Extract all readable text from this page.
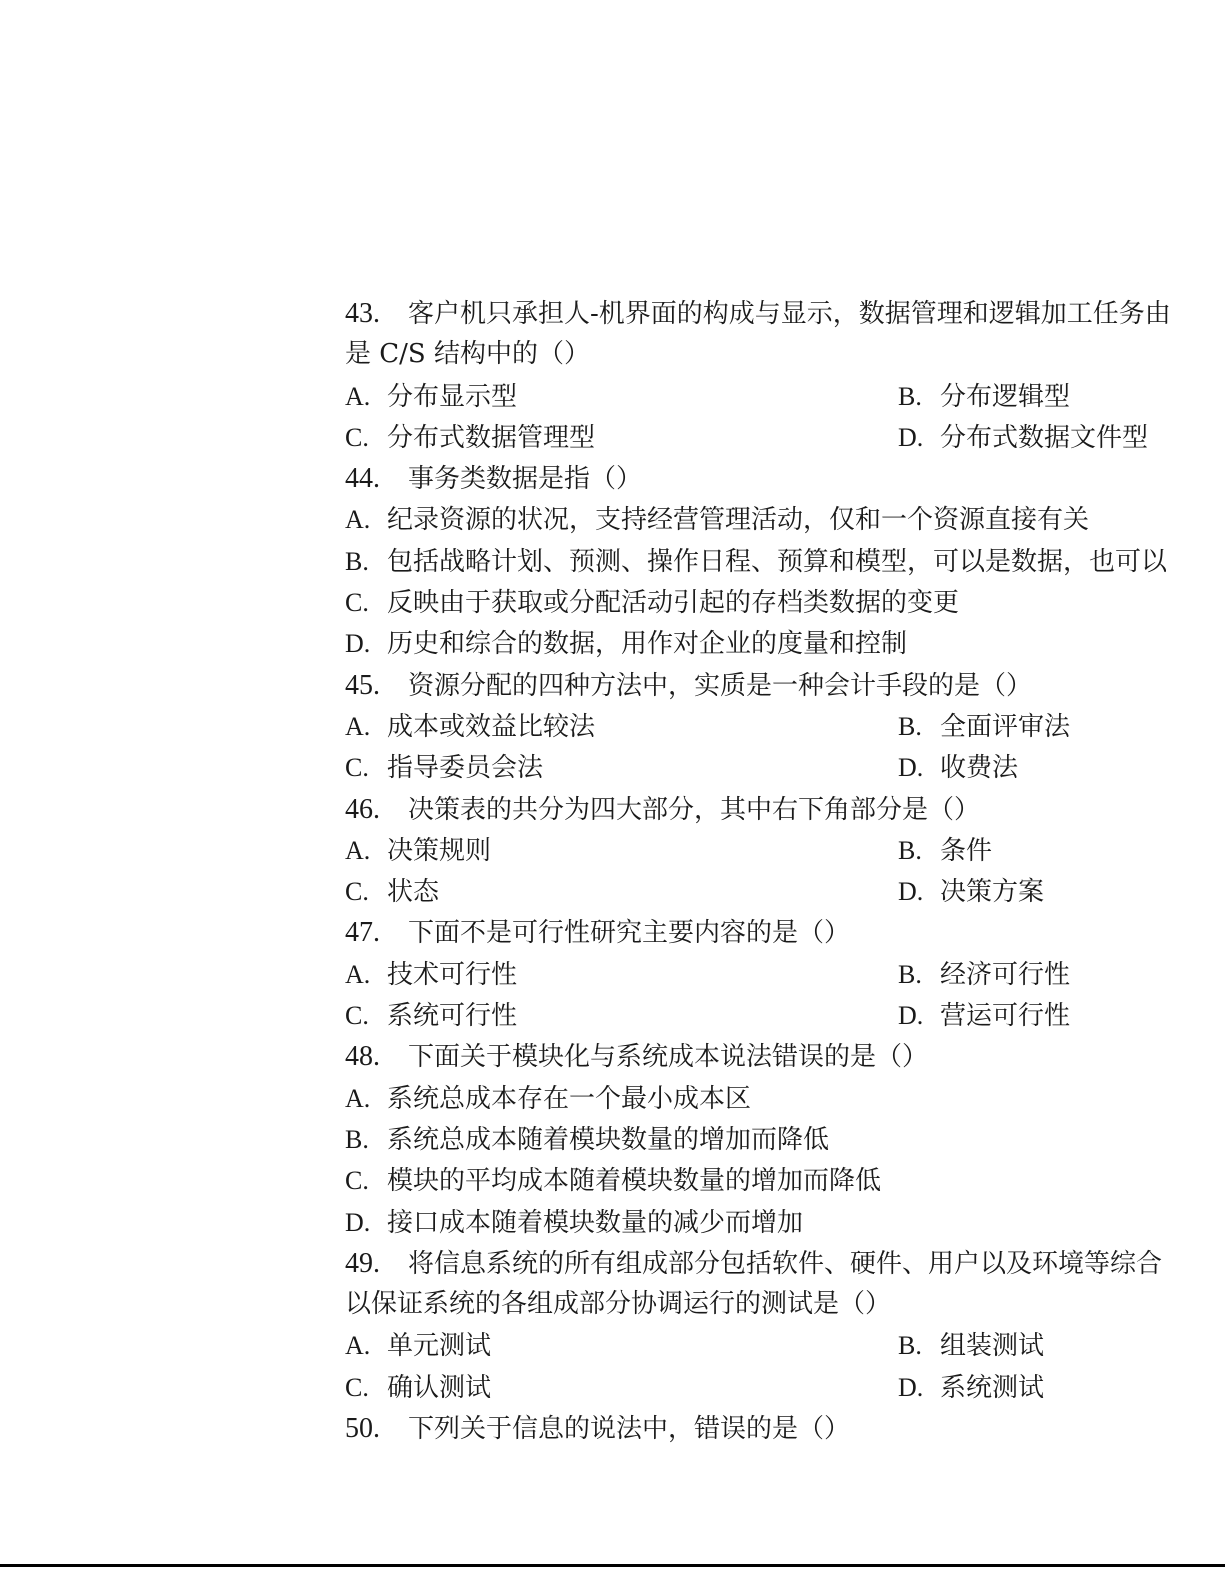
43. 客户机只承担人-机界面的构成与显示，数据管理和逻辑加工任务由
是 C/S 结构中的（）
A. 分布显示型	B. 分布逻辑型
C. 分布式数据管理型	D. 分布式数据文件型
44. 事务类数据是指（）
A. 纪录资源的状况，支持经营管理活动，仅和一个资源直接有关
B. 包括战略计划、预测、操作日程、预算和模型，可以是数据，也可以
C. 反映由于获取或分配活动引起的存档类数据的变更
D. 历史和综合的数据，用作对企业的度量和控制
45. 资源分配的四种方法中，实质是一种会计手段的是（）
A. 成本或效益比较法	B. 全面评审法
C. 指导委员会法	D. 收费法
46. 决策表的共分为四大部分，其中右下角部分是（）
A. 决策规则	B. 条件
C. 状态	D. 决策方案
47. 下面不是可行性研究主要内容的是（）
A. 技术可行性	B. 经济可行性
C. 系统可行性	D. 营运可行性
48. 下面关于模块化与系统成本说法错误的是（）
A. 系统总成本存在一个最小成本区
B. 系统总成本随着模块数量的增加而降低
C. 模块的平均成本随着模块数量的增加而降低
D. 接口成本随着模块数量的减少而增加
49. 将信息系统的所有组成部分包括软件、硬件、用户以及环境等综合
以保证系统的各组成部分协调运行的测试是（）
A. 单元测试	B. 组装测试
C. 确认测试	D. 系统测试
50. 下列关于信息的说法中，错误的是（）
